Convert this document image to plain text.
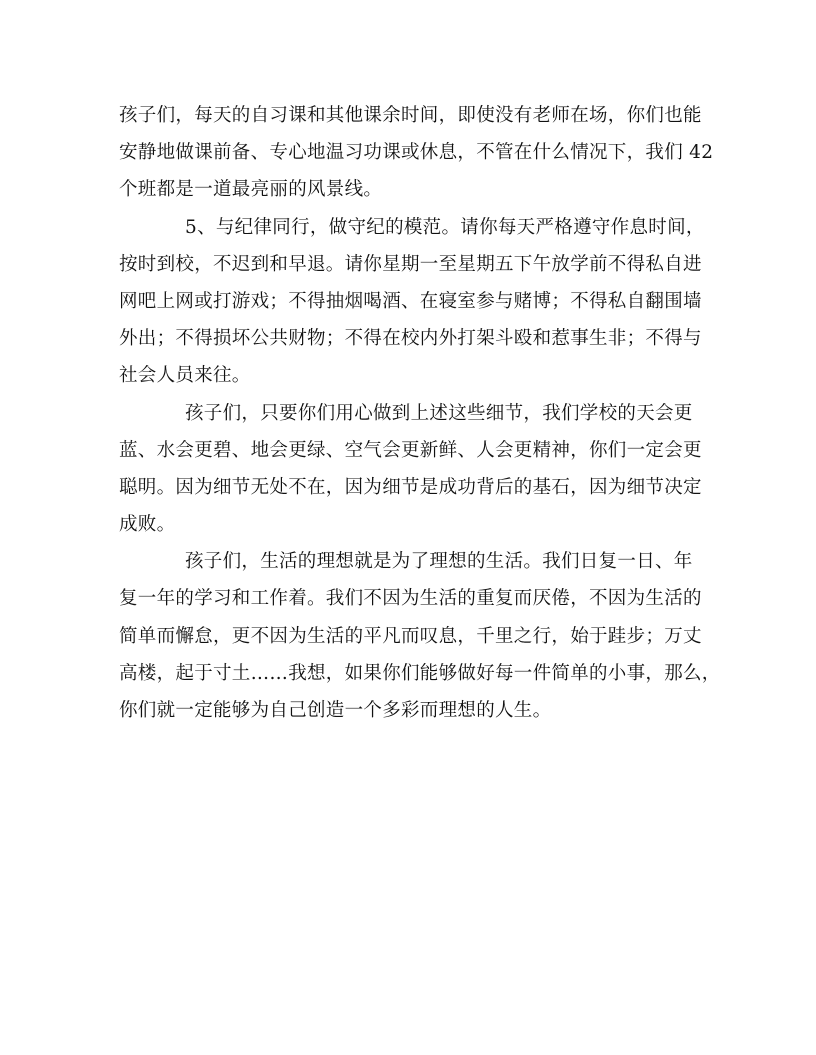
孩子们，每天的自习课和其他课余时间，即使没有老师在场，你们也能
安静地做课前备、专心地温习功课或休息，不管在什么情况下，我们 42
个班都是一道最亮丽的风景线。
5、与纪律同行，做守纪的模范。请你每天严格遵守作息时间，
按时到校，不迟到和早退。请你星期一至星期五下午放学前不得私自进
网吧上网或打游戏；不得抽烟喝酒、在寝室参与赌博；不得私自翻围墙
外出；不得损坏公共财物；不得在校内外打架斗殴和惹事生非；不得与
社会人员来往。
孩子们，只要你们用心做到上述这些细节，我们学校的天会更
蓝、水会更碧、地会更绿、空气会更新鲜、人会更精神，你们一定会更
聪明。因为细节无处不在，因为细节是成功背后的基石，因为细节决定
成败。
孩子们，生活的理想就是为了理想的生活。我们日复一日、年
复一年的学习和工作着。我们不因为生活的重复而厌倦，不因为生活的
简单而懈怠，更不因为生活的平凡而叹息，千里之行，始于跬步；万丈
高楼，起于寸土……我想，如果你们能够做好每一件简单的小事，那么，
你们就一定能够为自己创造一个多彩而理想的人生。
